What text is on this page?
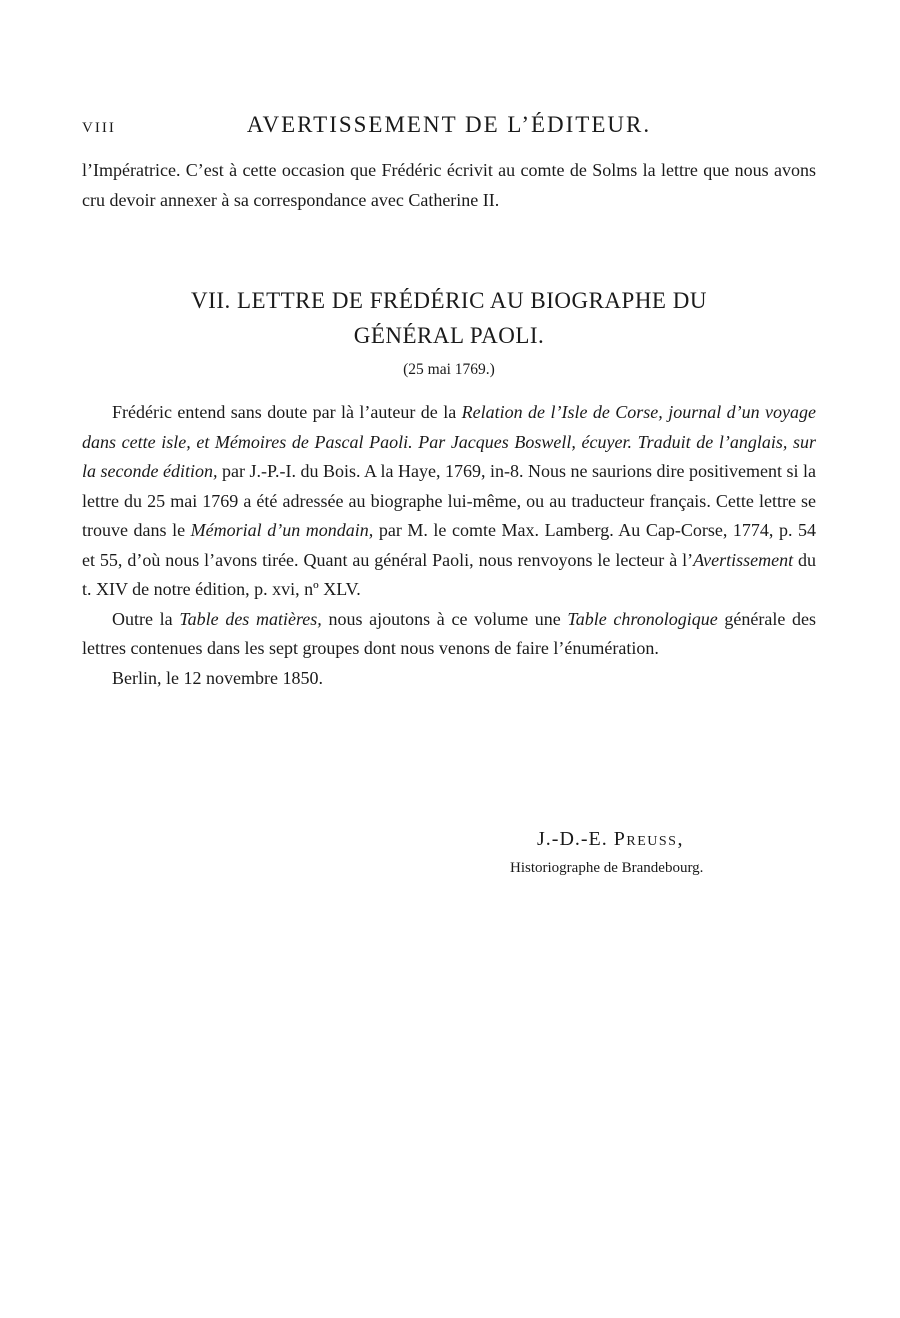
VIII	AVERTISSEMENT DE L’ÉDITEUR.

l’Impératrice. C’est à cette occasion que Frédéric écrivit au comte de Solms la lettre que nous avons cru devoir annexer à sa correspondance avec Catherine II.

VII. LETTRE DE FRÉDÉRIC AU BIOGRAPHE DU
GÉNÉRAL PAOLI.
(25 mai 1769.)

Frédéric entend sans doute par là l’auteur de la Relation de l’Isle de Corse, journal d’un voyage dans cette isle, et Mémoires de Pascal Paoli. Par Jacques Boswell, écuyer. Traduit de l’anglais, sur la seconde édition, par J.-P.-I. du Bois. A la Haye, 1769, in-8. Nous ne saurions dire positivement si la lettre du 25 mai 1769 a été adressée au biographe lui-même, ou au traducteur français. Cette lettre se trouve dans le Mémorial d’un mondain, par M. le comte Max. Lamberg. Au Cap-Corse, 1774, p. 54 et 55, d’où nous l’avons tirée. Quant au général Paoli, nous renvoyons le lecteur à l’Avertissement du t. XIV de notre édition, p. xvi, nº XLV.

Outre la Table des matières, nous ajoutons à ce volume une Table chronologique générale des lettres contenues dans les sept groupes dont nous venons de faire l’énumération.

Berlin, le 12 novembre 1850.

J.-D.-E. Preuss,
Historiographe de Brandebourg.
